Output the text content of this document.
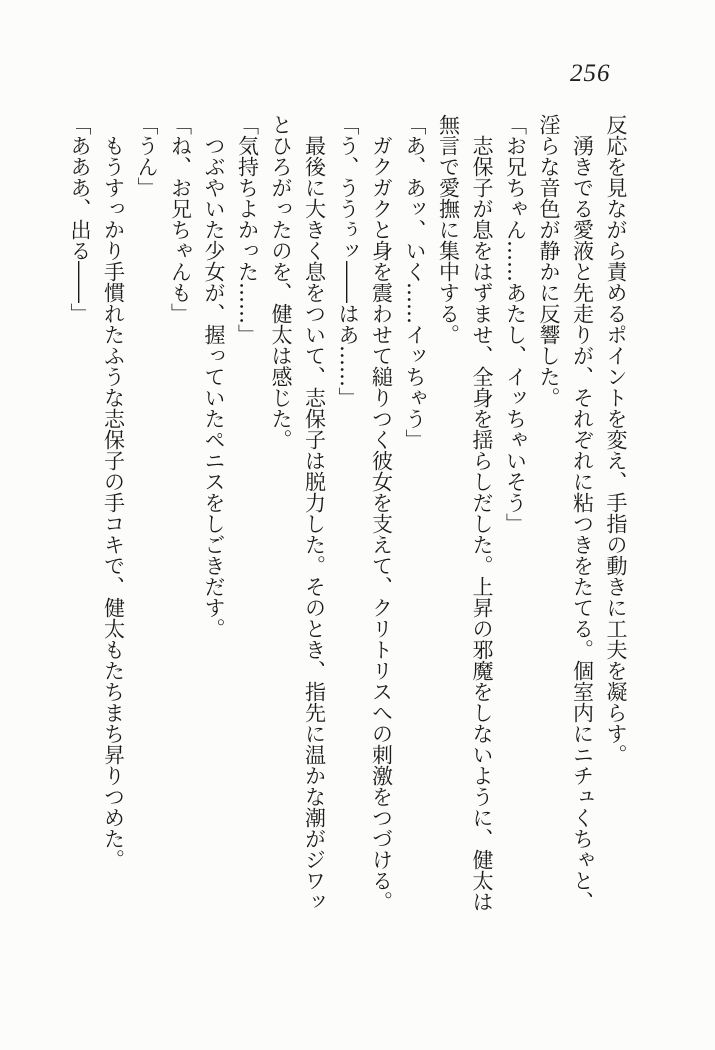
256

反応を見ながら責めるポイントを変え、手指の動きに工夫を凝らす。

湧きでる愛液と先走りが、それぞれに粘つきをたてる。個室内にニチュくちゃと、淫らな音色が静かに反響した。

「お兄ちゃん……あたし、イッちゃいそう」

志保子が息をはずませ、全身を揺らしだした。上昇の邪魔をしないように、健太は無言で愛撫に集中する。

「あ、あッ、いく……イッちゃう」

ガクガクと身を震わせて縋りつく彼女を支えて、クリトリスへの刺激をつづける。

「う、ううぅッ――はあ……」

最後に大きく息をついて、志保子は脱力した。そのとき、指先に温かな潮がジワッとひろがったのを、健太は感じた。

「気持ちよかった……」

つぶやいた少女が、握っていたペニスをしごきだす。

「ね、お兄ちゃんも」

「うん」

もうすっかり手慣れたふうな志保子の手コキで、健太もたちまち昇りつめた。

「あああ、出る――」
